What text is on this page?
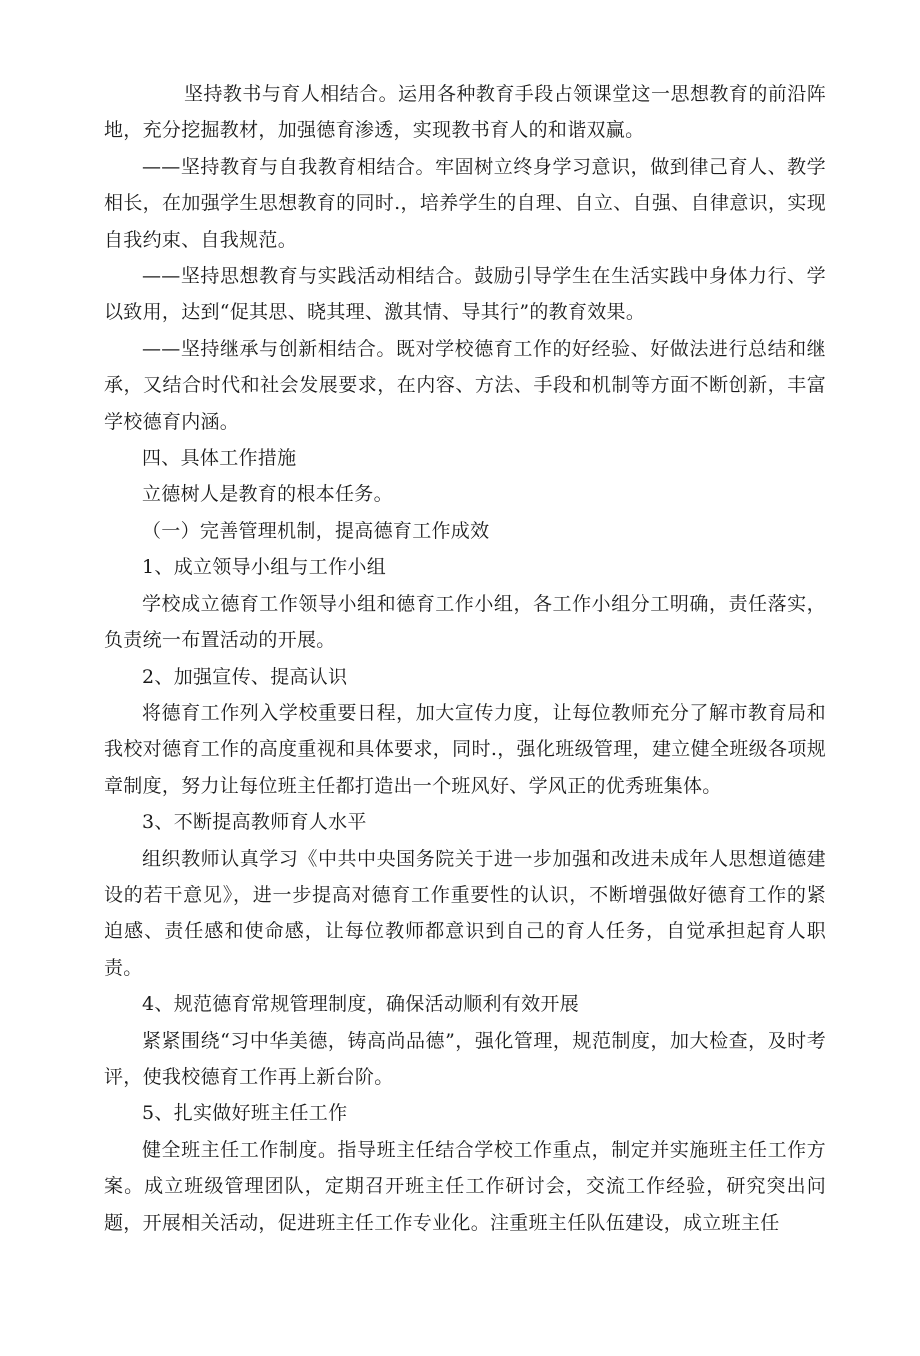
坚持教书与育人相结合。运用各种教育手段占领课堂这一思想教育的前沿阵地，充分挖掘教材，加强德育渗透，实现教书育人的和谐双赢。

——坚持教育与自我教育相结合。牢固树立终身学习意识，做到律己育人、教学相长，在加强学生思想教育的同时.，培养学生的自理、自立、自强、自律意识，实现自我约束、自我规范。

——坚持思想教育与实践活动相结合。鼓励引导学生在生活实践中身体力行、学以致用，达到“促其思、晓其理、激其情、导其行”的教育效果。

——坚持继承与创新相结合。既对学校德育工作的好经验、好做法进行总结和继承，又结合时代和社会发展要求，在内容、方法、手段和机制等方面不断创新，丰富学校德育内涵。

四、具体工作措施

立德树人是教育的根本任务。

（一）完善管理机制，提高德育工作成效

1、成立领导小组与工作小组

学校成立德育工作领导小组和德育工作小组，各工作小组分工明确，责任落实，负责统一布置活动的开展。

2、加强宣传、提高认识

将德育工作列入学校重要日程，加大宣传力度，让每位教师充分了解市教育局和我校对德育工作的高度重视和具体要求，同时.，强化班级管理，建立健全班级各项规章制度，努力让每位班主任都打造出一个班风好、学风正的优秀班集体。

3、不断提高教师育人水平

组织教师认真学习《中共中央国务院关于进一步加强和改进未成年人思想道德建设的若干意见》，进一步提高对德育工作重要性的认识，不断增强做好德育工作的紧迫感、责任感和使命感，让每位教师都意识到自己的育人任务，自觉承担起育人职责。

4、规范德育常规管理制度，确保活动顺利有效开展

紧紧围绕“习中华美德，铸高尚品德”，强化管理，规范制度，加大检查，及时考评，使我校德育工作再上新台阶。

5、扎实做好班主任工作

健全班主任工作制度。指导班主任结合学校工作重点，制定并实施班主任工作方案。成立班级管理团队，定期召开班主任工作研讨会，交流工作经验，研究突出问题，开展相关活动，促进班主任工作专业化。注重班主任队伍建设，成立班主任
